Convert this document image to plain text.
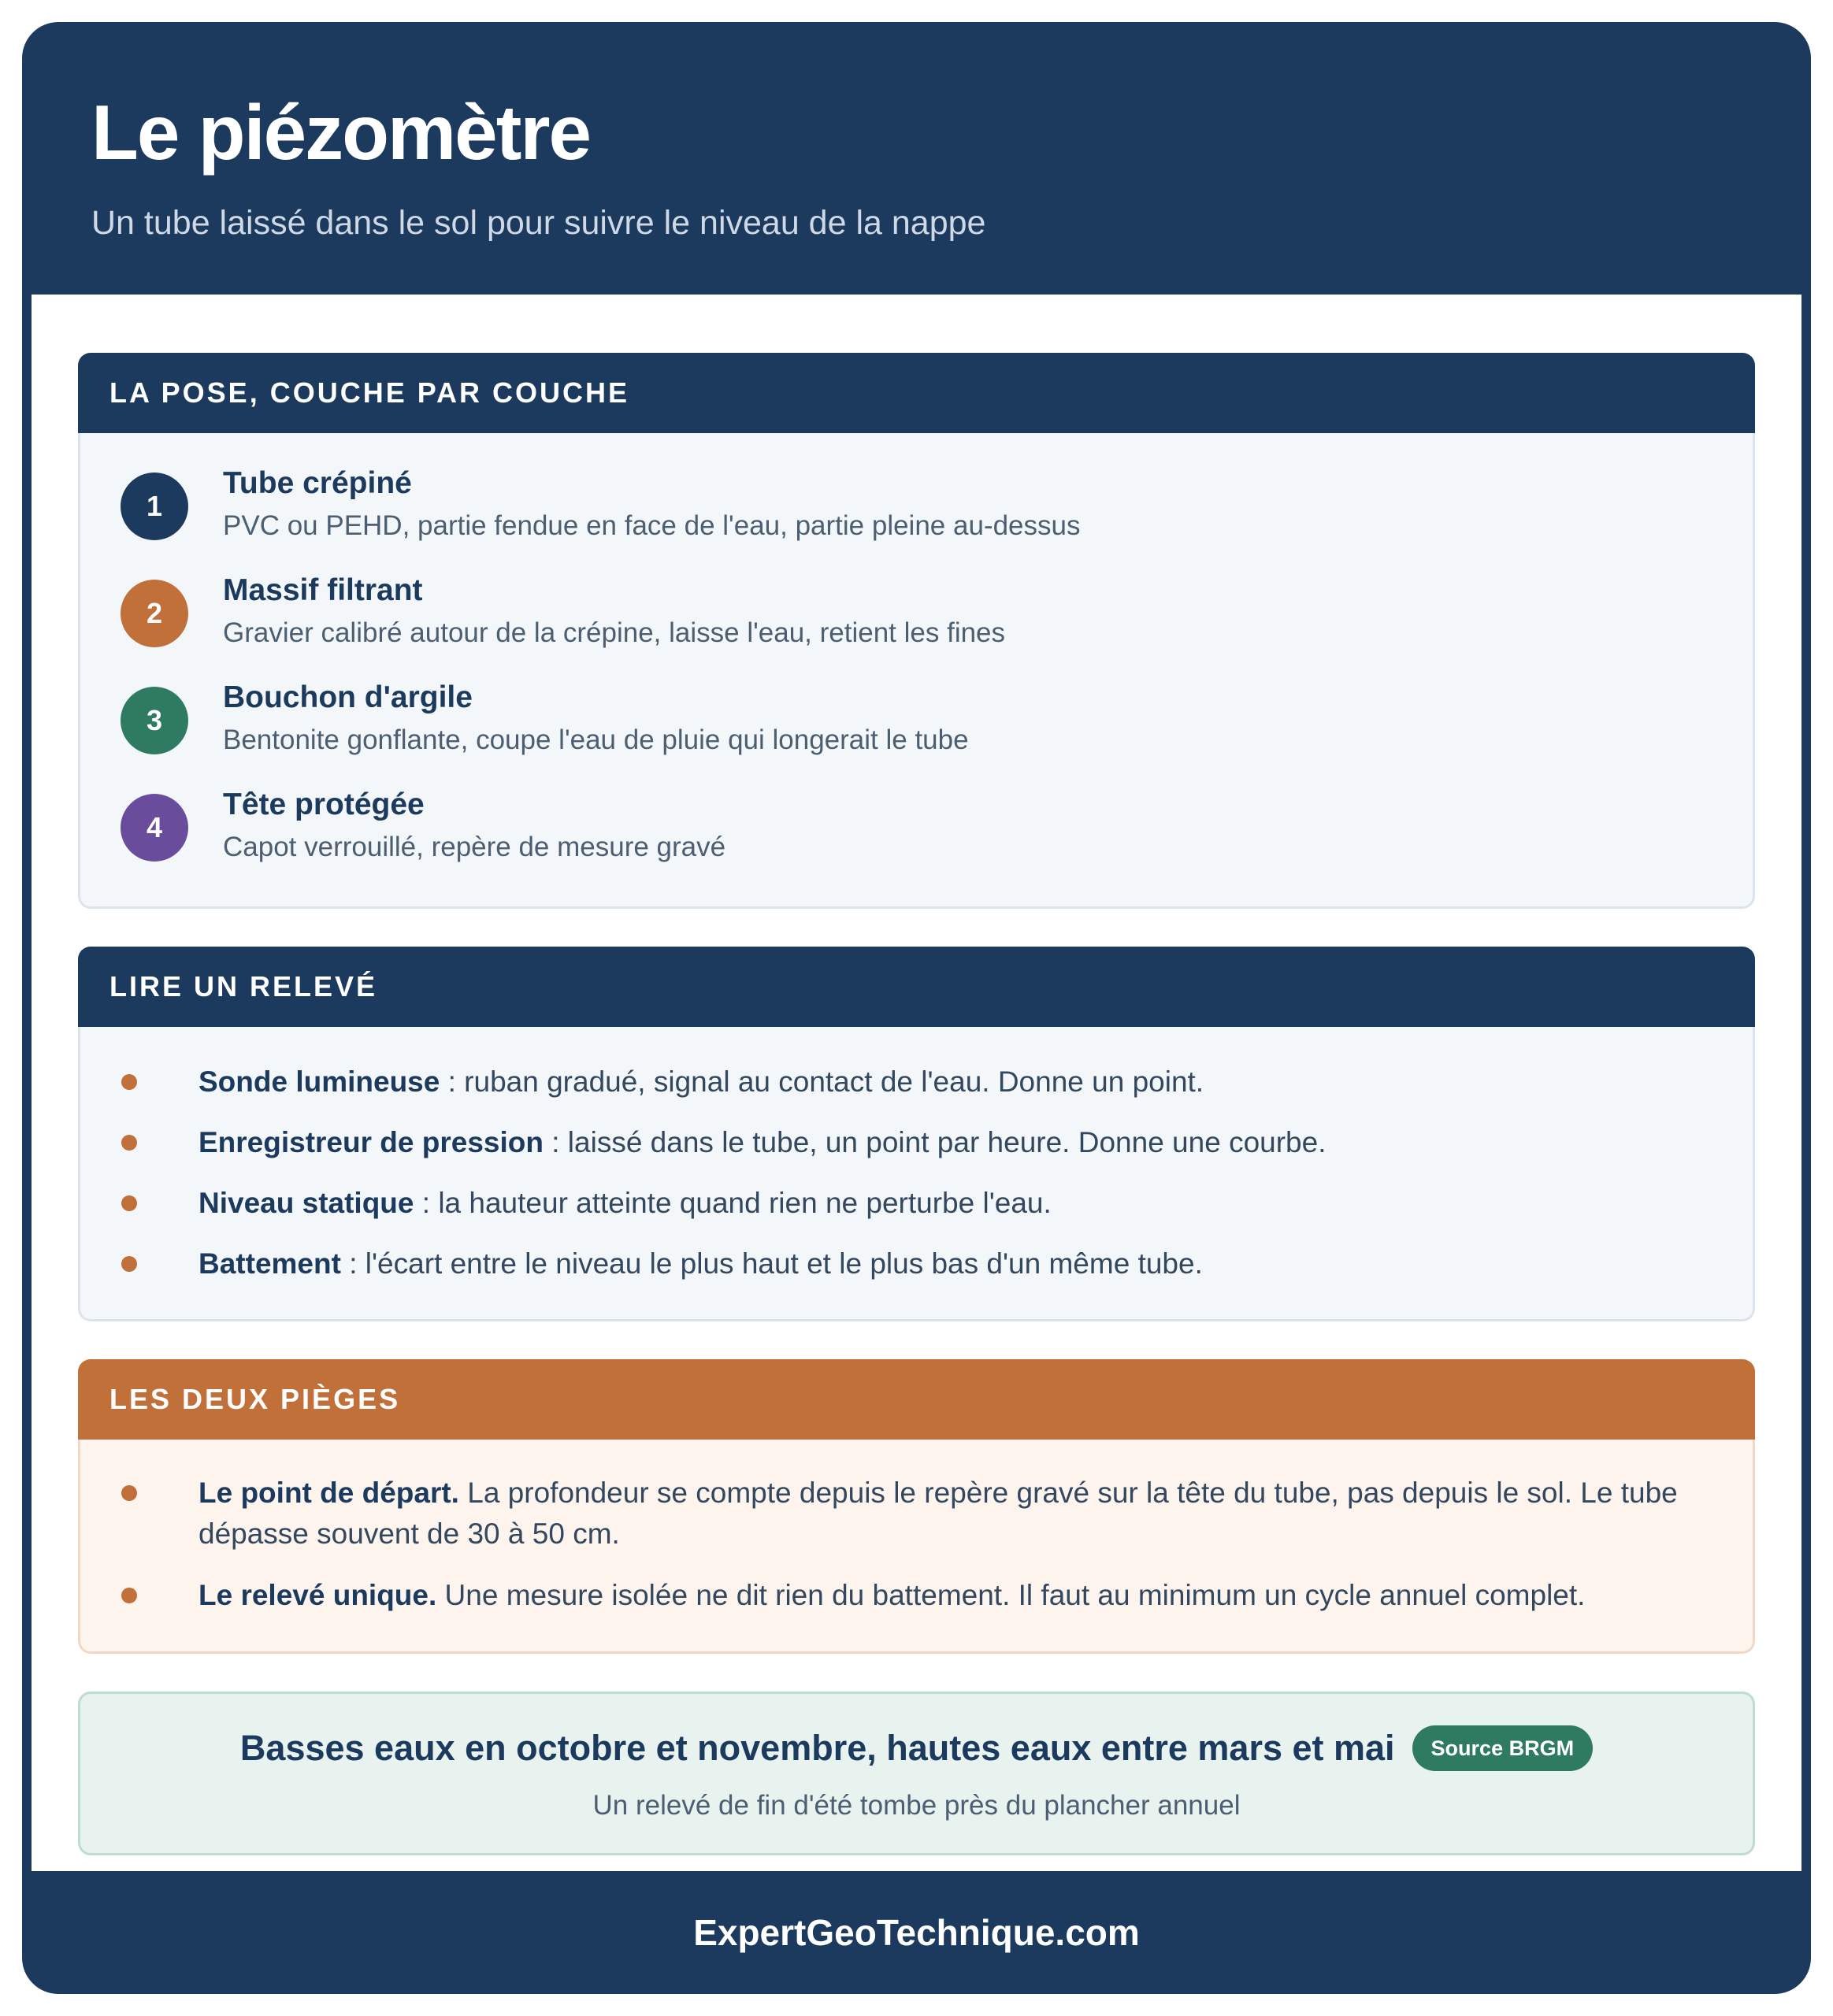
Le piézomètre
Un tube laissé dans le sol pour suivre le niveau de la nappe
LA POSE, COUCHE PAR COUCHE
1
Tube crépiné
PVC ou PEHD, partie fendue en face de l'eau, partie pleine au-dessus
2
Massif filtrant
Gravier calibré autour de la crépine, laisse l'eau, retient les fines
3
Bouchon d'argile
Bentonite gonflante, coupe l'eau de pluie qui longerait le tube
4
Tête protégée
Capot verrouillé, repère de mesure gravé
LIRE UN RELEVÉ
Sonde lumineuse : ruban gradué, signal au contact de l'eau. Donne un point.
Enregistreur de pression : laissé dans le tube, un point par heure. Donne une courbe.
Niveau statique : la hauteur atteinte quand rien ne perturbe l'eau.
Battement : l'écart entre le niveau le plus haut et le plus bas d'un même tube.
LES DEUX PIÈGES
Le point de départ. La profondeur se compte depuis le repère gravé sur la tête du tube, pas depuis le sol. Le tube dépasse souvent de 30 à 50 cm.
Le relevé unique. Une mesure isolée ne dit rien du battement. Il faut au minimum un cycle annuel complet.
Basses eaux en octobre et novembre, hautes eaux entre mars et mai	Source BRGM
Un relevé de fin d'été tombe près du plancher annuel
ExpertGeoTechnique.com
